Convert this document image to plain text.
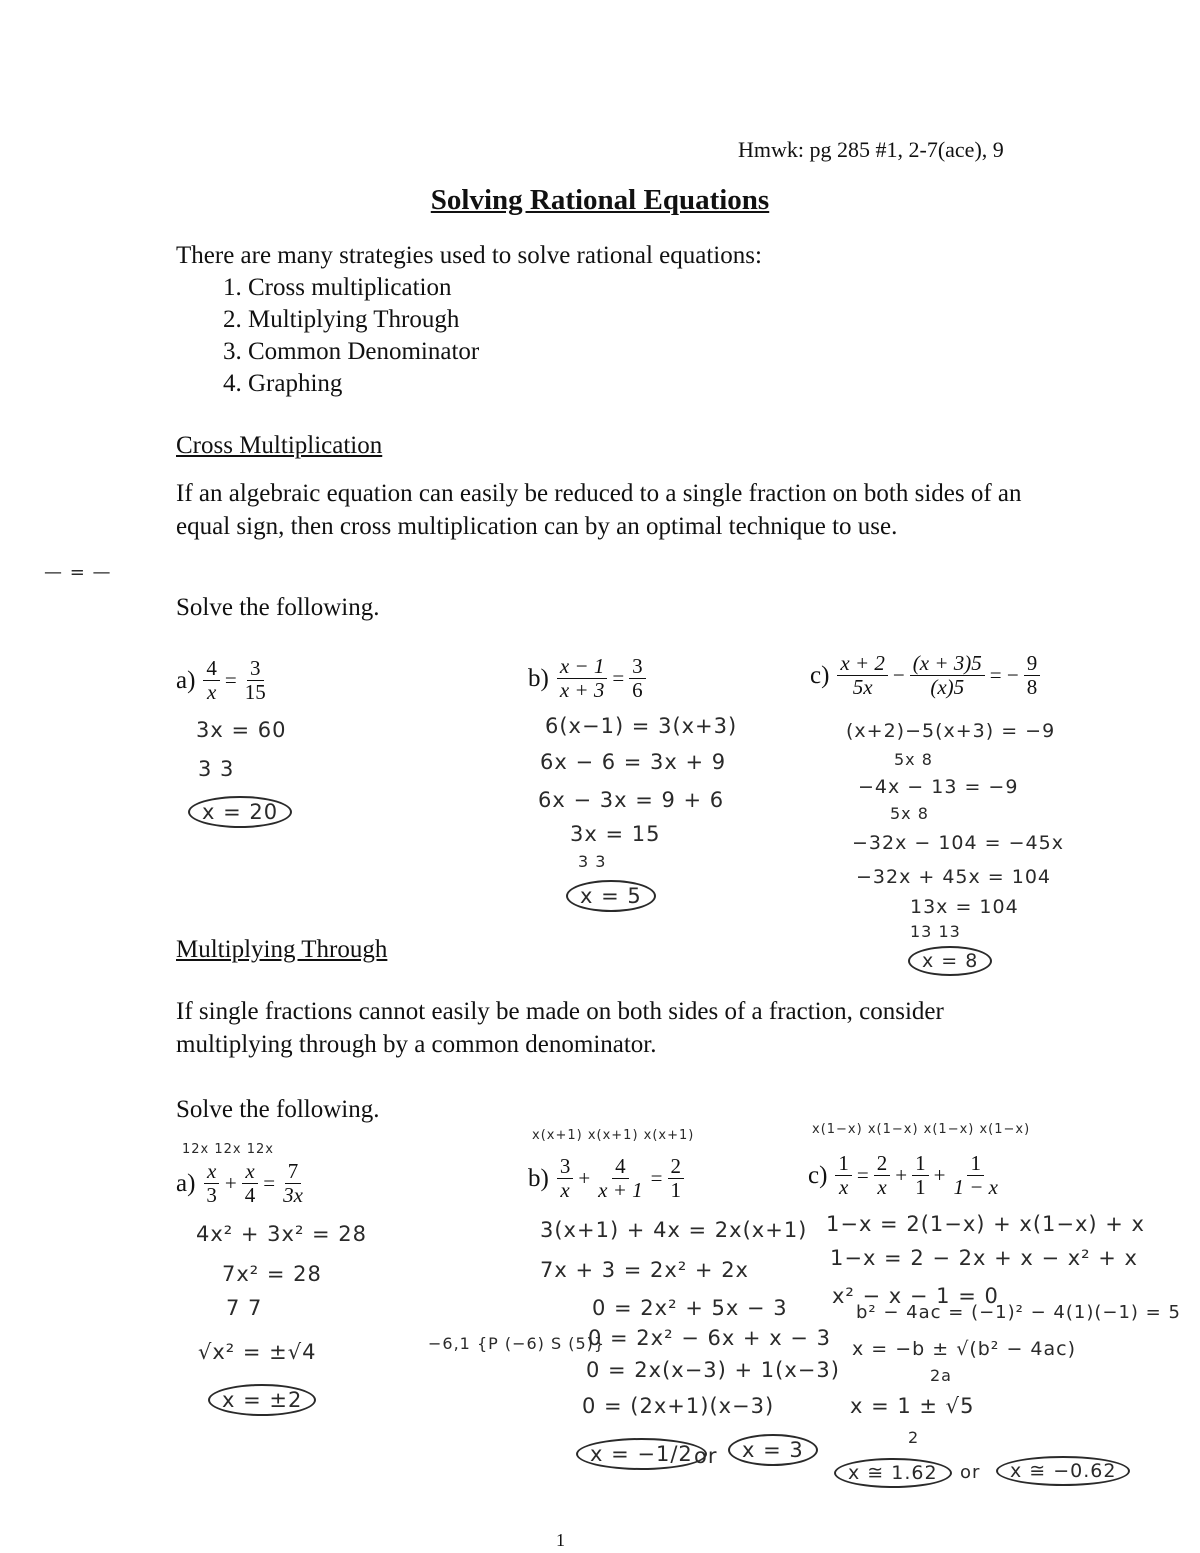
Hmwk: pg 285 #1, 2-7(ace), 9
Solving Rational Equations
There are many strategies used to solve rational equations:
1. Cross multiplication
2. Multiplying Through
3. Common Denominator
4. Graphing
Cross Multiplication
If an algebraic equation can easily be reduced to a single fraction on both sides of an equal sign, then cross multiplication can by an optimal technique to use.
— = —
Solve the following.
$a) \frac{4}{x} = \frac{3}{15}$
3x = 60
3 3
x = 20
$b) \frac{x - 1}{x + 3} = \frac{3}{6}$
6(x−1) = 3(x+3)
6x − 6 = 3x + 9
6x − 3x = 9 + 6
3x = 15
3 3
x = 5
$c) \frac{x + 2}{5x} - \frac{(x + 3)5}{(x)5}$ = − $\frac{9}{8}$
(x+2)−5(x+3) = −9
5x 8
−4x − 13 = −9
5x 8
−32x − 104 = −45x
−32x + 45x = 104
13x = 104
13 13
x = 8
Multiplying Through
If single fractions cannot easily be made on both sides of a fraction, consider multiplying through by a common denominator.
Solve the following.
12x 12x 12x
$a) \frac{x}{3} + \frac{x}{4} = \frac{7}{3x}$
4x² + 3x² = 28
7x² = 28
7 7
√x² = ±√4
x = ±2
x(x+1) x(x+1) x(x+1)
$b) \frac{3}{x} + \frac{4}{x + 1} = \frac{2}{1}$
3(x+1) + 4x = 2x(x+1)
7x + 3 = 2x² + 2x
0 = 2x² + 5x − 3
0 = 2x² − 6x + x − 3
0 = 2x(x−3) + 1(x−3)
0 = (2x+1)(x−3)
−6,1 {P (−6) S (5)}
x = −1/2 or	x = 3
x(1−x) x(1−x) x(1−x) x(1−x)
$c) \frac{1}{x} = \frac{2}{x} + \frac{1}{1} + \frac{1}{1 - x}$
1−x = 2(1−x) + x(1−x) + x
1−x = 2 − 2x + x − x² + x
x² − x − 1 = 0
b² − 4ac = (−1)² − 4(1)(−1) = 5
x = −b ± √(b² − 4ac)
2a
x = 1 ± √5
2
x ≅ 1.62	or	x ≅ −0.62
1
